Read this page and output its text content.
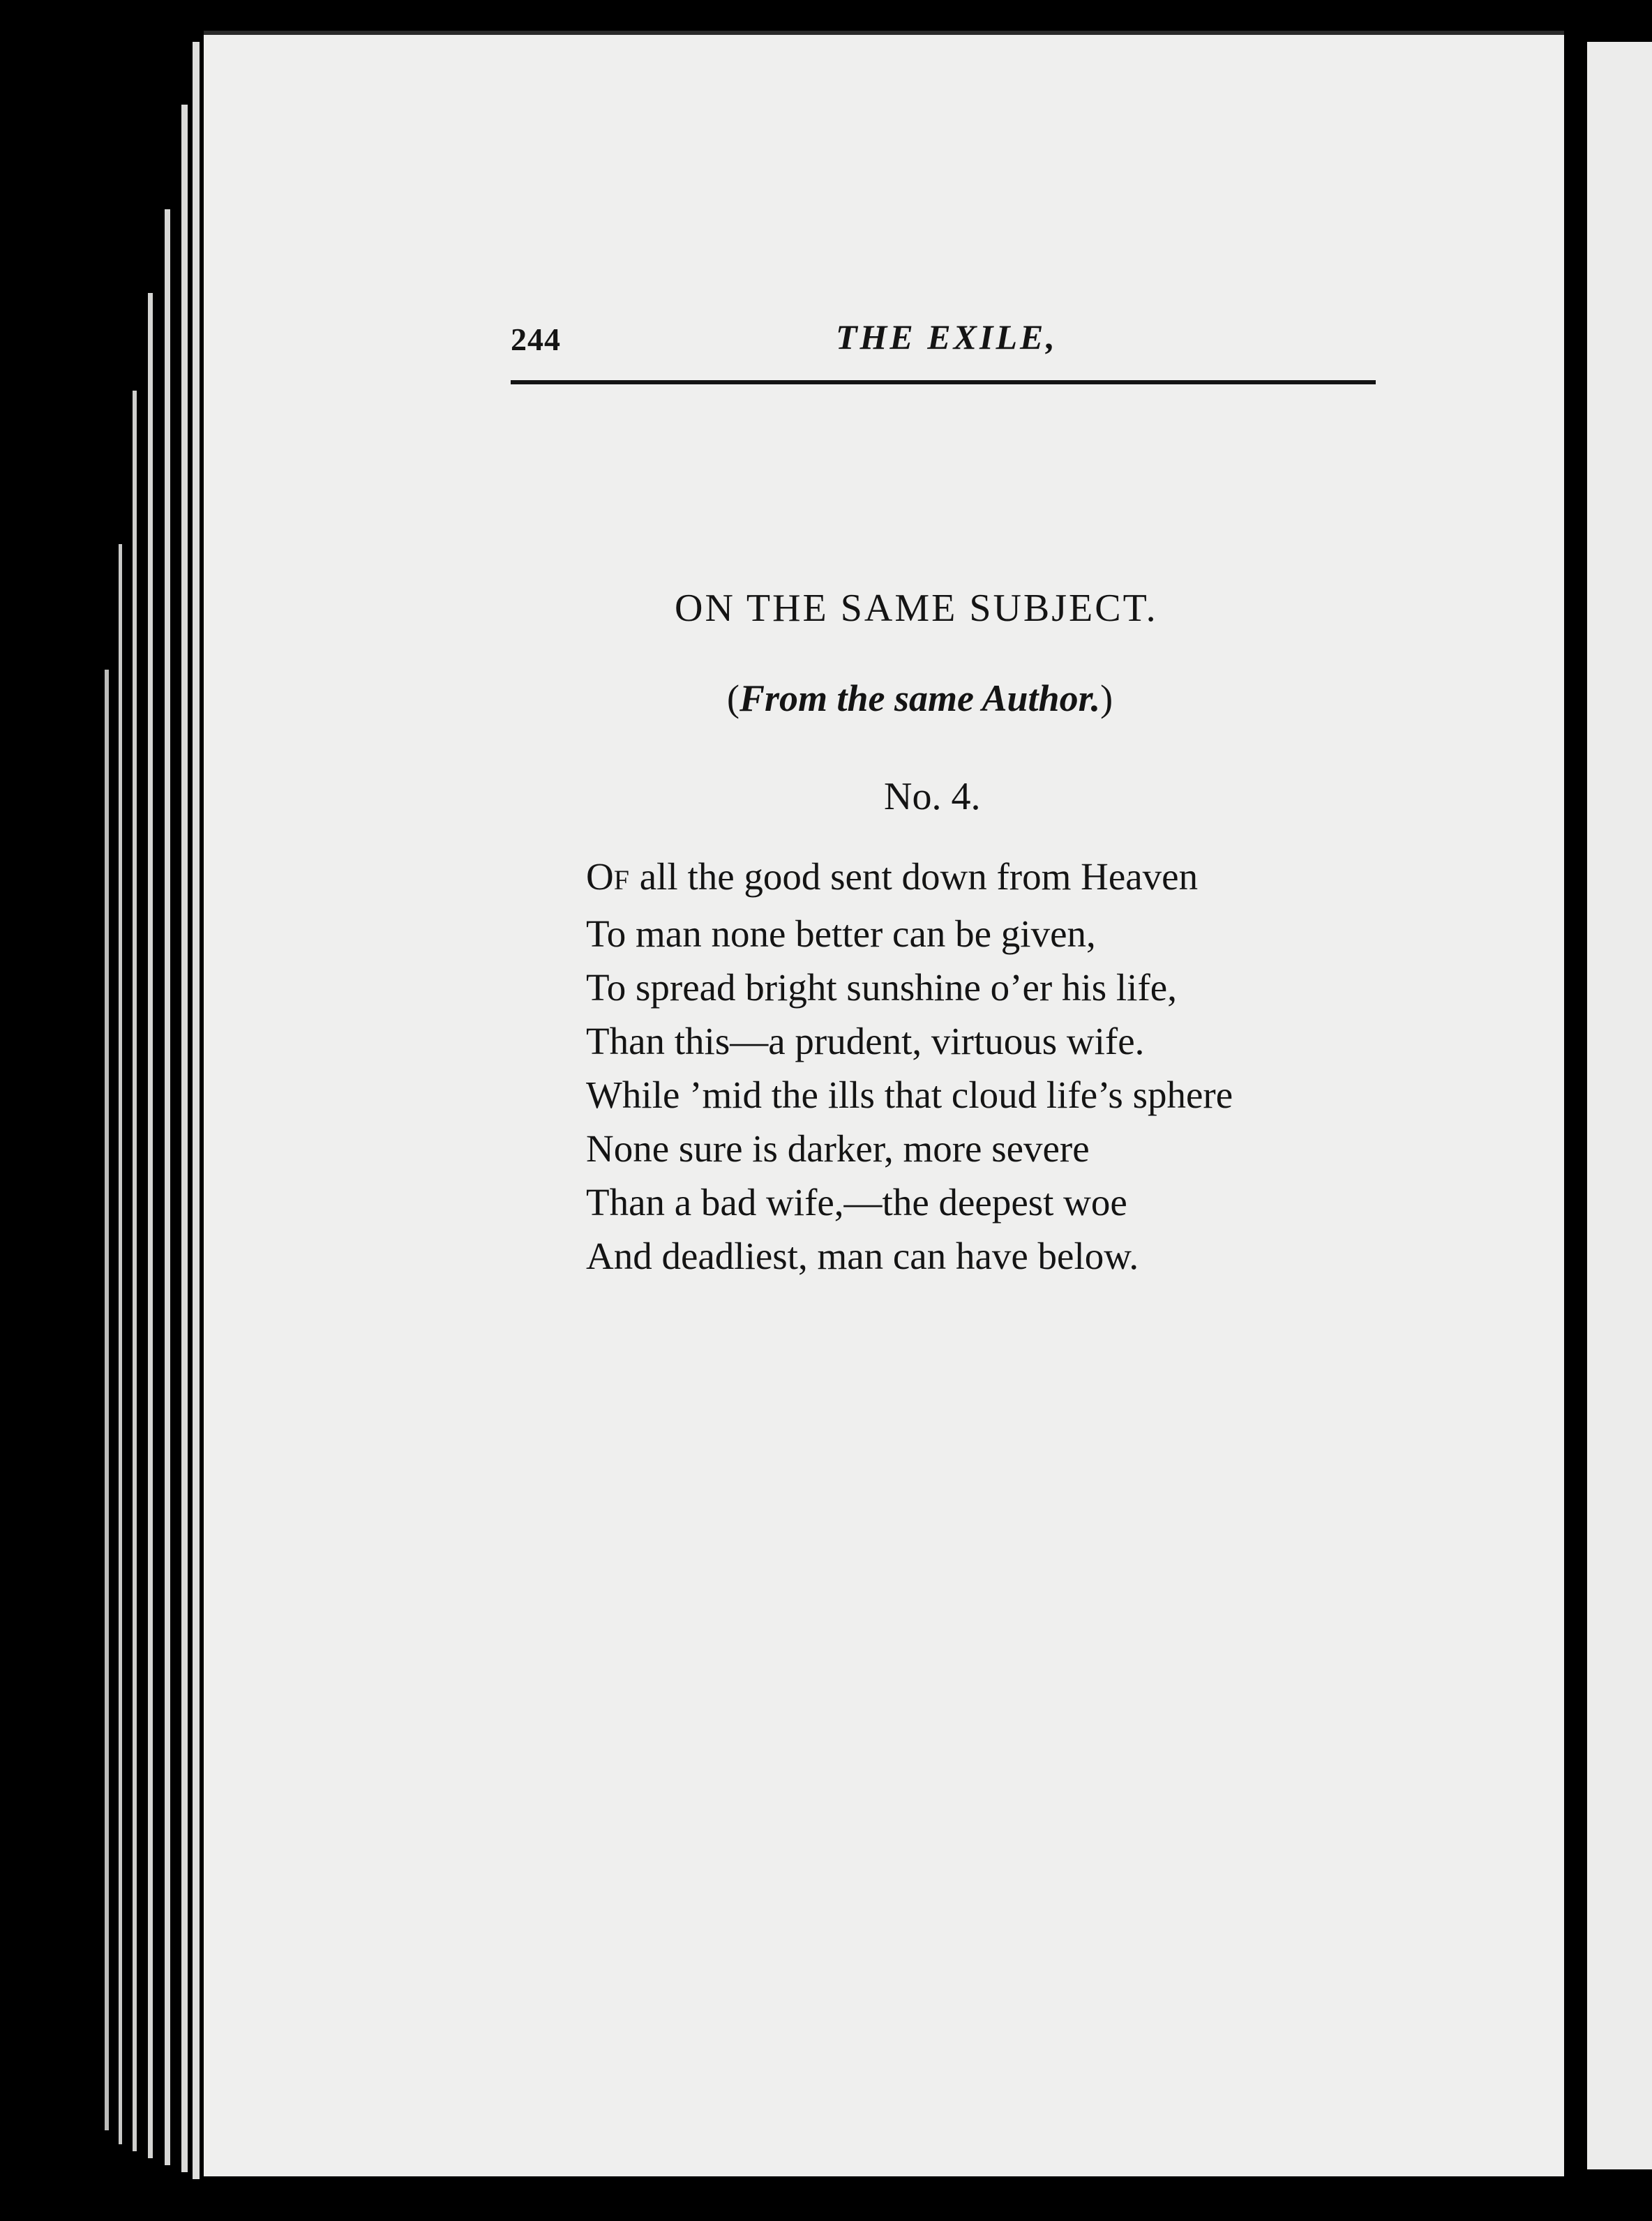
244	THE EXILE,
ON THE SAME SUBJECT.
(From the same Author.)
No. 4.
OF all the good sent down from Heaven
To man none better can be given,
To spread bright sunshine o’er his life,
Than this—a prudent, virtuous wife.
While ’mid the ills that cloud life’s sphere
None sure is darker, more severe
Than a bad wife,—the deepest woe
And deadliest, man can have below.
